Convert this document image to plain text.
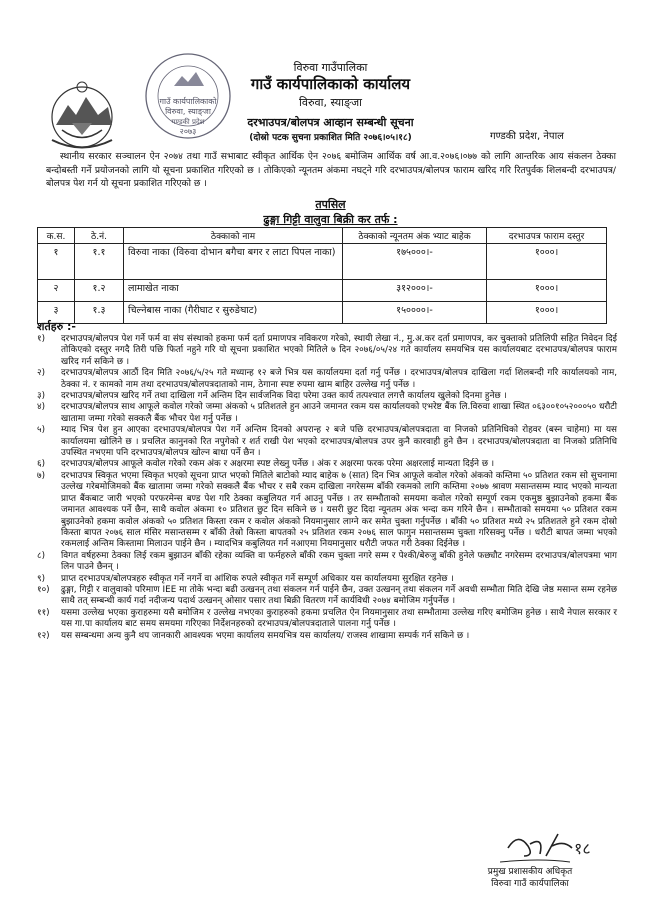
गाउँ कार्यपालिकाको
विरुवा, स्याङ्जा
गण्डकी प्रदेश
२०७३
विरुवा गाउँपालिका
गाउँ कार्यपालिकाको कार्यालय
विरुवा, स्याङ्जा
दरभाउपत्र/बोलपत्र आव्हान सम्बन्धी सूचना
(दोस्रो पटक सुचना प्रकाशित मिति २०७६।०५।१८)	गण्डकी प्रदेश, नेपाल
स्थानीय सरकार सञ्चालन ऐन २०७४ तथा गाउँ सभाबाट स्वीकृत आर्थिक ऐन २०७६ बमोजिम आर्थिक वर्ष आ.व.२०७६।०७७ को लागि आन्तरिक आय संकलन ठेक्का बन्दोबस्ती गर्ने प्रयोजनको लागि यो सूचना प्रकाशित गरिएको छ । तोकिएको न्यूनतम अंकमा नघट्ने गरि दरभाउपत्र/बोलपत्र फाराम खरिद गरि रितपुर्वक शिलबन्दी दरभाउपत्र/बोलपत्र पेश गर्न यो सूचना प्रकाशित गरिएको छ ।
तपसिल
ढुङ्गा गिट्टी वालुवा बिक्री कर तर्फ :
क.स.	ठे.नं.	ठेक्काको नाम	ठेक्काको न्यूनतम अंक भ्याट बाहेक	दरभाउपत्र फाराम दस्तुर
१	१.१	विरुवा नाका (विरुवा दोभान बगैचा बगर र लाटा पिपल नाका)	१७५०००।-	१०००।
२	१.२	लामाखेत नाका	३१२०००।-	१०००।
३	१.३	चिल्नेबास नाका (गैरीघाट र सुरुङेघाट)	१५००००।-	१०००।
शर्तहरु :-
१) दरभाउपत्र/बोलपत्र पेश गर्ने फर्म वा संघ संस्थाको हकमा फर्म दर्ता प्रमाणपत्र नविकरण गरेको, स्थायी लेखा नं., मु.अ.कर दर्ता प्रमाणपत्र, कर चुक्ताको प्रतिलिपी सहित निवेदन दिई तोकिएको दस्तुर नगदै तिरी पछि फिर्ता नहुने गरि यो सूचना प्रकाशित भएको मितिले ७ दिन २०७६/०५/२४ गते कार्यालय समयभित्र यस कार्यालयबाट दरभाउपत्र/बोलपत्र फाराम खरिद गर्न सकिने छ ।
२) दरभाउपत्र/बोलपत्र आठौं दिन मिति २०७६/५/२५ गते मध्यान्ह १२ बजे भित्र यस कार्यालयमा दर्ता गर्नु पर्नेछ । दरभाउपत्र/बोलपत्र दाखिला गर्दा शिलबन्दी गरि कार्यालयको नाम, ठेक्का नं. र कामको नाम तथा दरभाउपत्र/बोलपत्रदाताको नाम, ठेगाना स्पष्ट रुपमा खाम बाहिर उल्लेख गर्नु पर्नेछ ।
३) दरभाउपत्र/बोलपत्र खरिद गर्ने तथा दाखिला गर्ने अन्तिम दिन सार्वजनिक विदा परेमा उक्त कार्य तत्पश्चात लगत्तै कार्यालय खुलेको दिनमा हुनेछ ।
४) दरभाउपत्र/बोलपत्र साथ आफूले कवोल गरेको जम्मा अंकको ५ प्रतिशतले हुन आउने जमानत रकम यस कार्यालयको एभरेष्ट बैंक लि.विरुवा शाखा स्थित ०६३००१०५२०००५० धरौटी खातामा जम्मा गरेको सक्कलै बैंक भौचर पेश गर्नु पर्नेछ ।
५) म्याद भित्र पेश हुन आएका दरभाउपत्र/बोलपत्र पेश गर्ने अन्तिम दिनको अपरान्ह २ बजे पछि दरभाउपत्र/बोलपत्रदाता वा निजको प्रतिनिधिको रोहवर (बस्न चाहेमा) मा यस कार्यालयमा खोलिने छ । प्रचलित कानुनको रित नपुगेको र शर्त राखी पेश भएको दरभाउपत्र/बोलपत्र उपर कुनै कारवाही हुने छैन । दरभाउपत्र/बोलपत्रदाता वा निजको प्रतिनिधि उपस्थित नभएमा पनि दरभाउपत्र/बोलपत्र खोल्न बाधा पर्ने छैन ।
६) दरभाउपत्र/बोलपत्र आफूले कवोल गरेको रकम अंक र अक्षरमा स्पष्ट लेख्नु पर्नेछ । अंक र अक्षरमा फरक परेमा अक्षरलाई मान्यता दिईने छ ।
७) दरभाउपत्र स्विकृत भएमा स्विकृत भएको सूचना प्राप्त भएको मितिले बाटोको म्याद बाहेक ७ (सात) दिन भित्र आफूले कवोल गरेको अंकको कम्तिमा ५० प्रतिशत रकम सो सुचनामा उल्लेख गरेबमोजिमको बैंक खातामा जम्मा गरेको सक्कलै बैंक भौचर र सबै रकम दाखिला नगरेसम्म बाँकी रकमको लागि कम्तिमा २०७७ श्रावण मसान्तसम्म म्याद भएको मान्यता प्राप्त बैंकबाट जारी भएको परफरमेन्स बण्ड पेश गरि ठेक्का कबुलियत गर्न आउनु पर्नेछ । तर सम्भौताको समयमा कवोल गरेको सम्पूर्ण रकम एकमुष्ठ बुझाउनेको हकमा बैंक जमानत आवश्यक पर्ने छैन, साथै कवोल अंकमा १० प्रतिशत छुट दिन सकिने छ । यसरी छुट दिदा न्यूनतम अंक भन्दा कम गरिने छैन । सम्भौताको समयमा ५० प्रतिशत रकम बुझाउनेको हकमा कवोल अंकको ५० प्रतिशत किस्ता रकम र कवोल अंकको नियमानुसार लाग्ने कर समेत चुक्ता गर्नुपर्नेछ । बाँकी ५० प्रतिशत मध्ये २५ प्रतिशतले हुने रकम दोस्रो किस्ता बापत २०७६ साल मंसिर मसान्तसम्म र बाँकी तेस्रो किस्ता बापतको २५ प्रतिशत रकम २०७६ साल फागुन मसान्तसम्म चुक्ता गरिसक्नु पर्नेछ । धरौटी बापत जम्मा भएको रकमलाई अन्तिम किस्तामा मिलाउन पाईने छैन । म्यादभित्र कबुलियत गर्न नआएमा नियमानुसार धरौटी जफत गरी ठेक्का दिईनेछ ।
८) विगत वर्षहरुमा ठेक्का लिई रकम बुझाउन बाँकी रहेका व्यक्ति वा फर्महरुले बाँकी रकम चुक्ता नगरे सम्म र पेश्की/बेरुजु बाँकी हुनेले फछ्यौट नगरेसम्म दरभाउपत्र/बोलपत्रमा भाग लिन पाउने छैनन् ।
९) प्राप्त दरभाउपत्र/बोलपत्रहरु स्वीकृत गर्ने नगर्ने वा आंशिक रुपले स्वीकृत गर्ने सम्पूर्ण अधिकार यस कार्यालयमा सुरक्षित रहनेछ ।
१०) ढुङ्गा, गिट्टी र वालुवाको परिमाण IEE मा तोके भन्दा बढी उत्खनन् तथा संकलन गर्न पाईने छैन, उक्त उत्खनन् तथा संकलन गर्ने अवधी सम्भौता मिति देखि जेष्ठ मसान्त सम्म रहनेछ साथै तत् सम्बन्धी कार्य गर्दा नदीजन्य पदार्थ उत्खनन् ओसार पसार तथा बिक्री वितरण गर्ने कार्यविधी २०७४ बमोजिम गर्नुपर्नेछ ।
११) यसमा उल्लेख भएका कुराहरुमा यसै बमोजिम र उल्लेख नभएका कुराहरुको हकमा प्रचलित ऐन नियमानुसार तथा सम्भौतामा उल्लेख गरिए बमोजिम हुनेछ । साथै नेपाल सरकार र यस गा.पा कार्यालय बाट समय समयमा गरिएका निर्देशनहरुको दरभाउपत्र/बोलपत्रदाताले पालना गर्नु पर्नेछ ।
१२) यस सम्बन्धमा अन्य कुनै थप जानकारी आवश्यक भएमा कार्यालय समयभित्र यस कार्यालय/ राजस्व शाखामा सम्पर्क गर्न सकिने छ ।
१८
प्रमुख प्रशासकीय अधिकृत
विरुवा गाउँ कार्यपालिका
